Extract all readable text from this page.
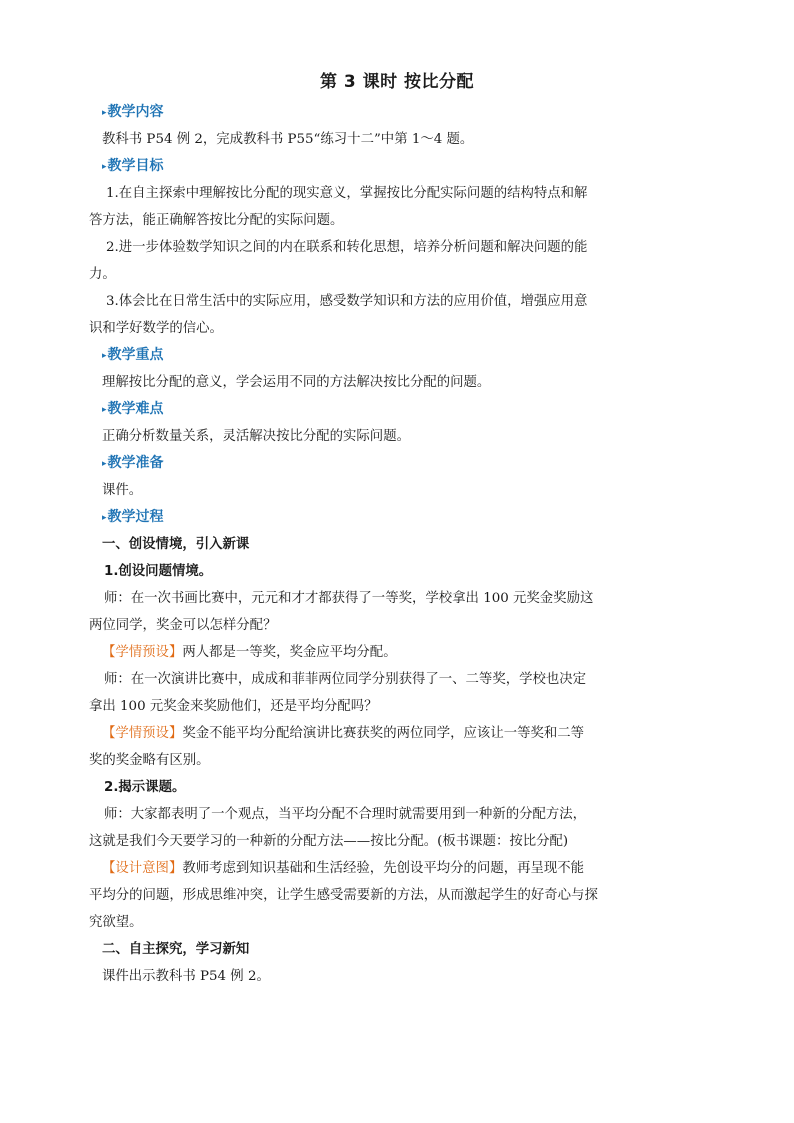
第 3 课时 按比分配
▸教学内容
教科书 P54 例 2，完成教科书 P55“练习十二”中第 1～4 题。
▸教学目标
1.在自主探索中理解按比分配的现实意义，掌握按比分配实际问题的结构特点和解
答方法，能正确解答按比分配的实际问题。
2.进一步体验数学知识之间的内在联系和转化思想，培养分析问题和解决问题的能
力。
3.体会比在日常生活中的实际应用，感受数学知识和方法的应用价值，增强应用意
识和学好数学的信心。
▸教学重点
理解按比分配的意义，学会运用不同的方法解决按比分配的问题。
▸教学难点
正确分析数量关系，灵活解决按比分配的实际问题。
▸教学准备
课件。
▸教学过程
一、创设情境，引入新课
1.创设问题情境。
师：在一次书画比赛中，元元和才才都获得了一等奖，学校拿出 100 元奖金奖励这
两位同学，奖金可以怎样分配？
【学情预设】两人都是一等奖，奖金应平均分配。
师：在一次演讲比赛中，成成和菲菲两位同学分别获得了一、二等奖，学校也决定
拿出 100 元奖金来奖励他们，还是平均分配吗？
【学情预设】奖金不能平均分配给演讲比赛获奖的两位同学，应该让一等奖和二等
奖的奖金略有区别。
2.揭示课题。
师：大家都表明了一个观点，当平均分配不合理时就需要用到一种新的分配方法，
这就是我们今天要学习的一种新的分配方法——按比分配。(板书课题：按比分配)
【设计意图】教师考虑到知识基础和生活经验，先创设平均分的问题，再呈现不能
平均分的问题，形成思维冲突，让学生感受需要新的方法，从而激起学生的好奇心与探
究欲望。
二、自主探究，学习新知
课件出示教科书 P54 例 2。
